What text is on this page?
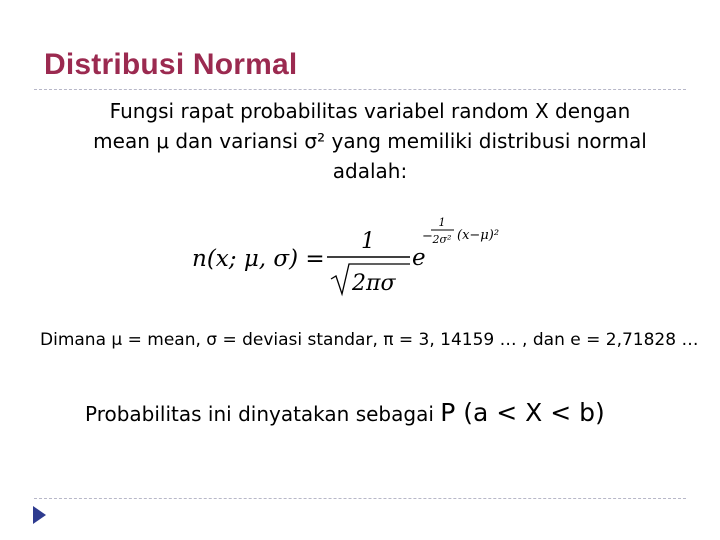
Distribusi Normal
Fungsi rapat probabilitas variabel random X dengan
mean μ dan variansi σ² yang memiliki distribusi normal
adalah:
n(x; μ, σ) =
1
2πσ
e
−
1
2σ² (x−μ)²
Dimana μ = mean, σ = deviasi standar, π = 3, 14159 … , dan e = 2,71828 …
Probabilitas ini dinyatakan sebagai P (a < X < b)
